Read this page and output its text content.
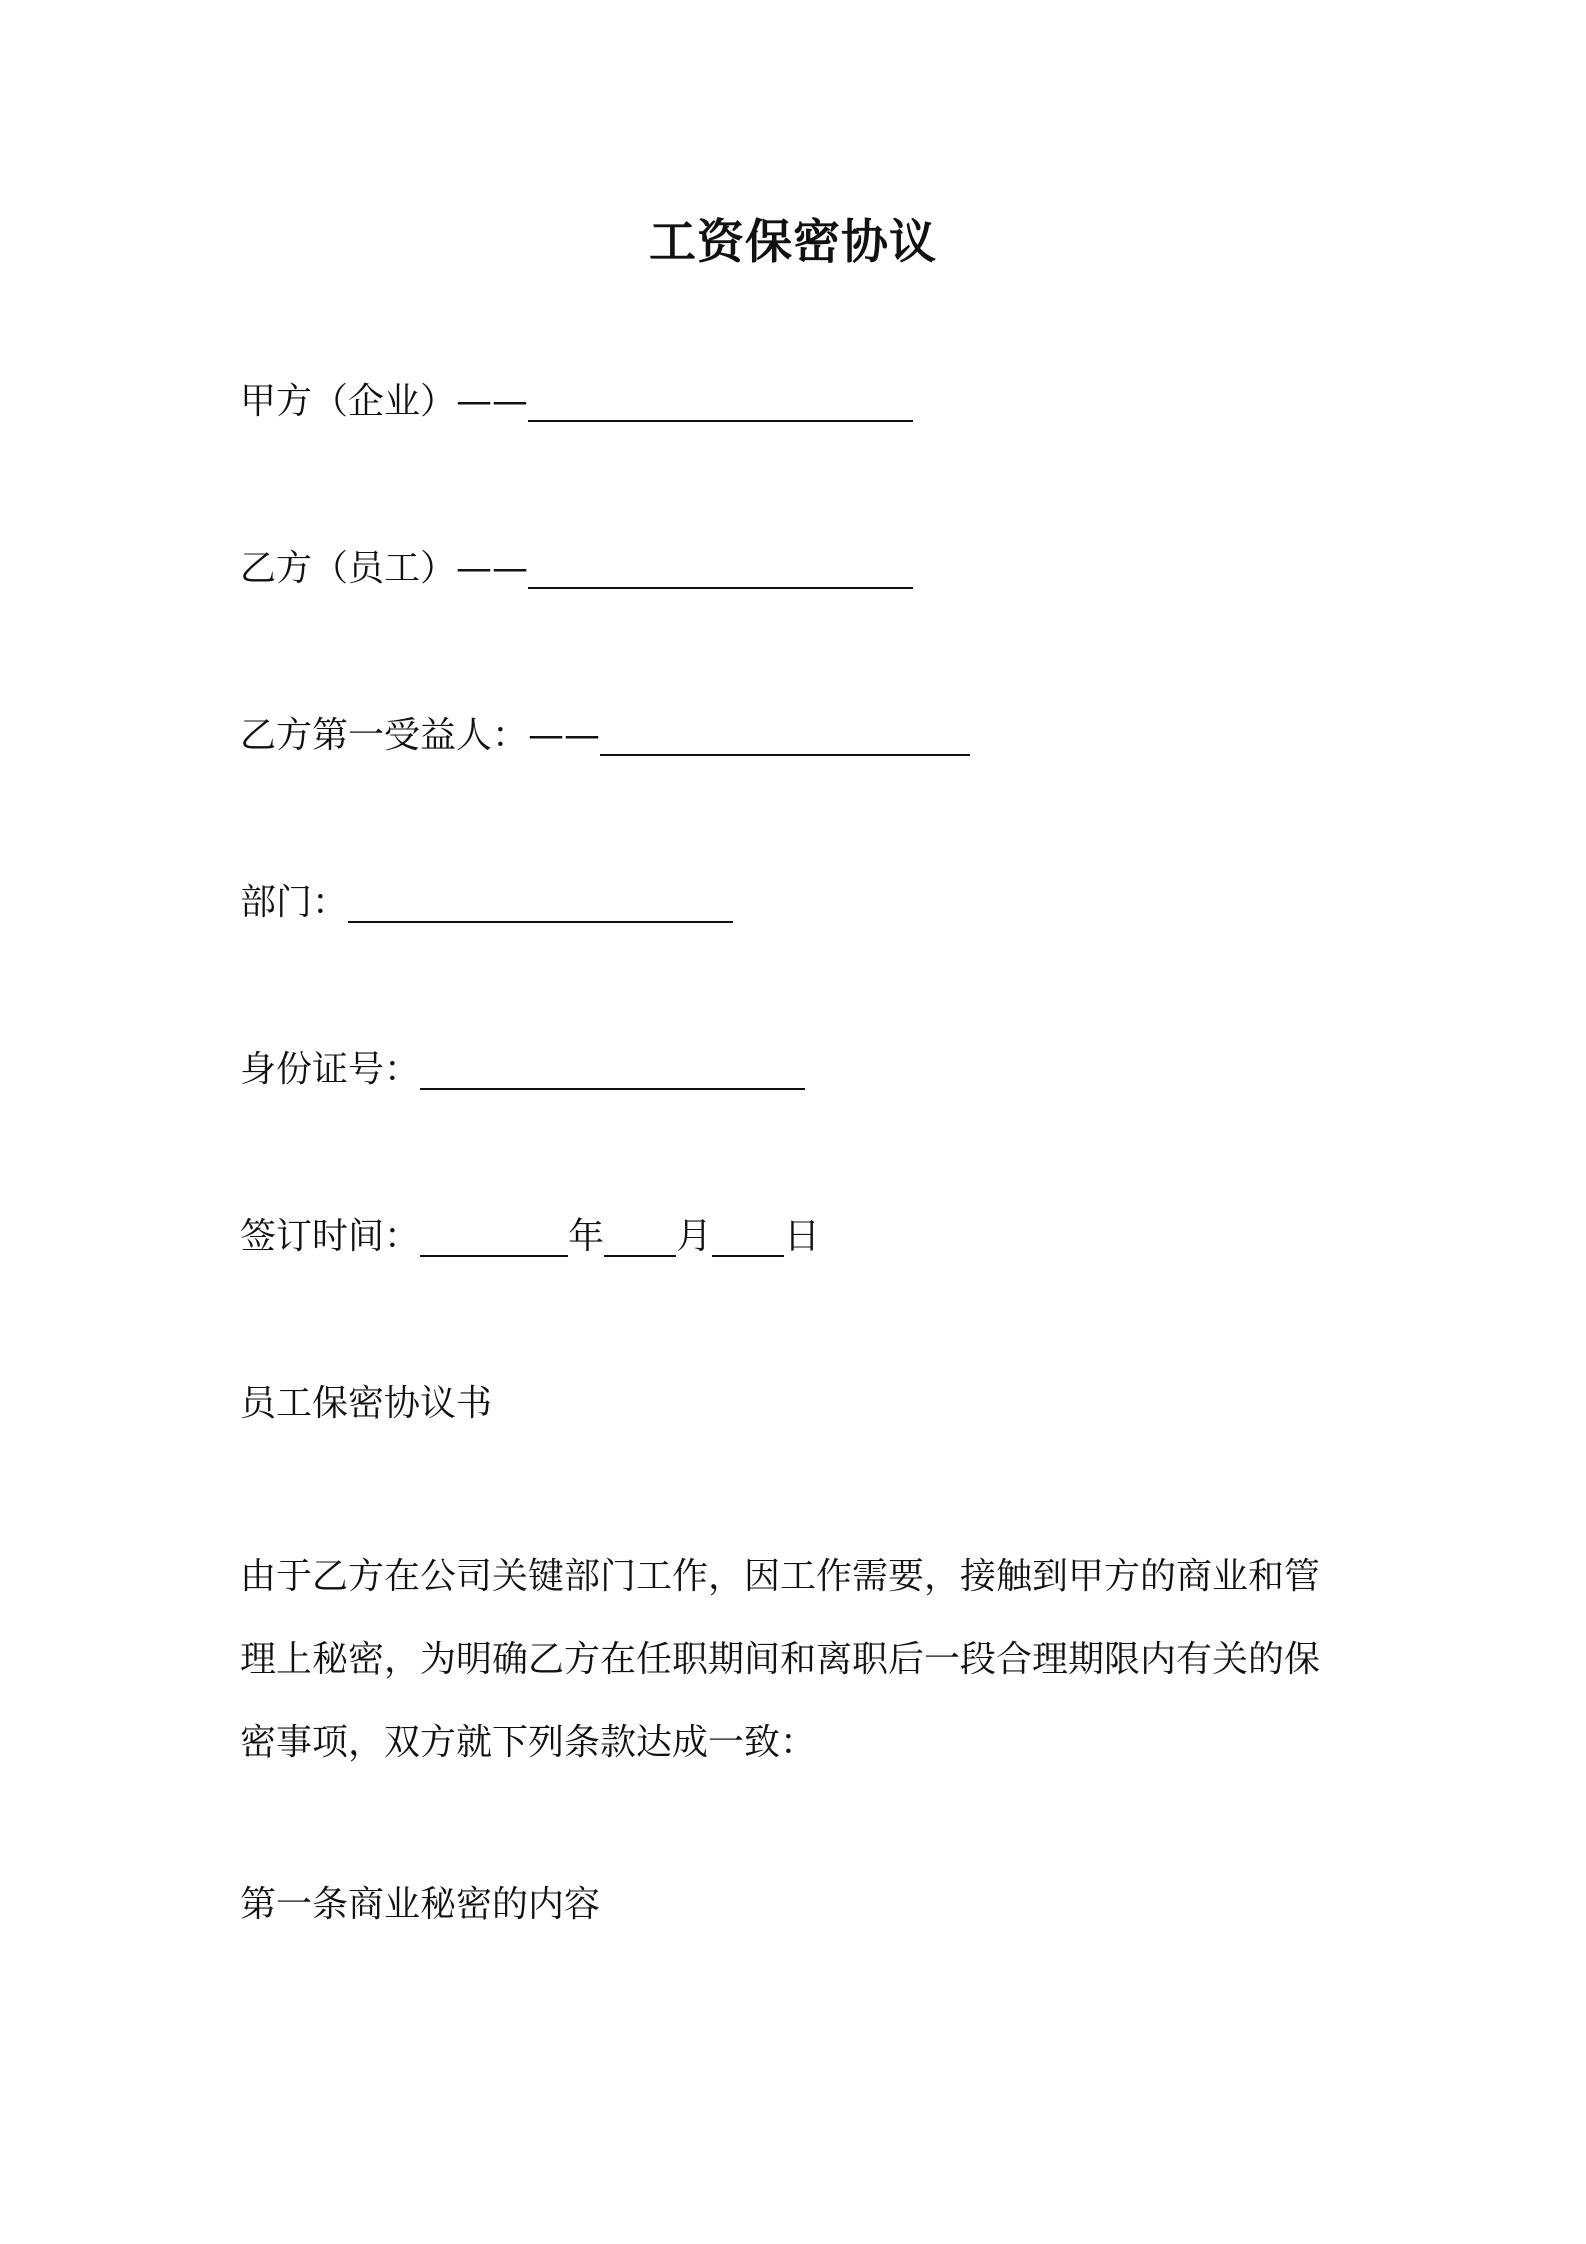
工资保密协议
甲方（企业）——
乙方（员工）——
乙方第一受益人：——
部门：
身份证号：
签订时间：	年 月 日
员工保密协议书
由于乙方在公司关键部门工作，因工作需要，接触到甲方的商业和管
理上秘密，为明确乙方在任职期间和离职后一段合理期限内有关的保
密事项，双方就下列条款达成一致：
第一条商业秘密的内容
